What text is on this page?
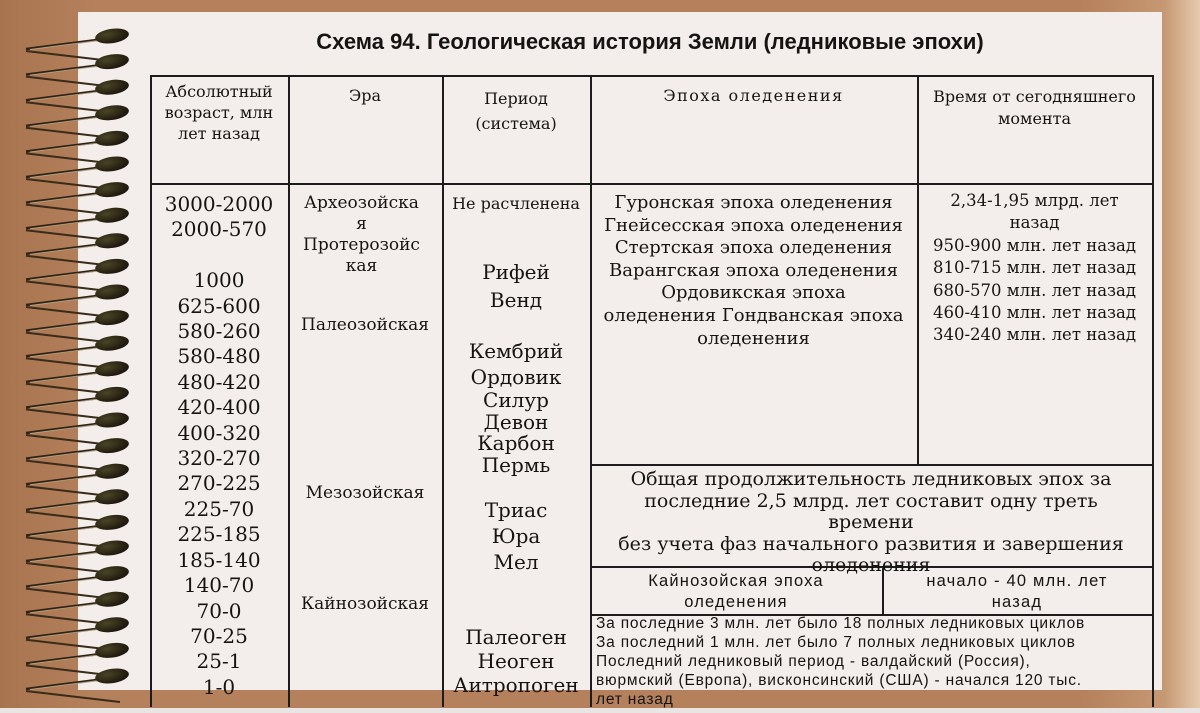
Схема 94. Геологическая история Земли (ледниковые эпохи)
Абсолютный возраст, млн лет назад
Эра	Период (система)
Эпоха оледенения	Время от сегодняшнего момента
3000-2000
2000-570

1000
625-600
580-260
580-480
480-420
420-400
400-320
320-270
270-225
225-70
225-185
185-140
140-70
70-0
70-25
25-1
1-0
Археозойская Протерозойская
Палеозойская
Мезозойская
Кайнозойская
Не расчленена
Рифей
Венд
Кембрий
Ордовик
Силур
Девон
Карбон
Пермь
Триас
Юра
Мел
Палеоген
Неоген
Аитропоген
Гуронская эпоха оледенения
Гнейсесская эпоха оледенения
Стертская эпоха оледенения
Варангская эпоха оледенения
Ордовикская эпоха
оледенения Гондванская эпоха
оледенения
2,34-1,95 млрд. лет
назад
950-900 млн. лет назад
810-715 млн. лет назад
680-570 млн. лет назад
460-410 млн. лет назад
340-240 млн. лет назад
Общая продолжительность ледниковых эпох за
последние 2,5 млрд. лет составит одну треть времени
без учета фаз начального развития и завершения
оледенения
Кайнозойская эпоха оледенения
начало - 40 млн. лет назад
За последние 3 млн. лет было 18 полных ледниковых циклов
За последний 1 млн. лет было 7 полных ледниковых циклов
Последний ледниковый период - валдайский (Россия),
вюрмский (Европа), висконсинский (США) - начался 120 тыс.
лет назад
